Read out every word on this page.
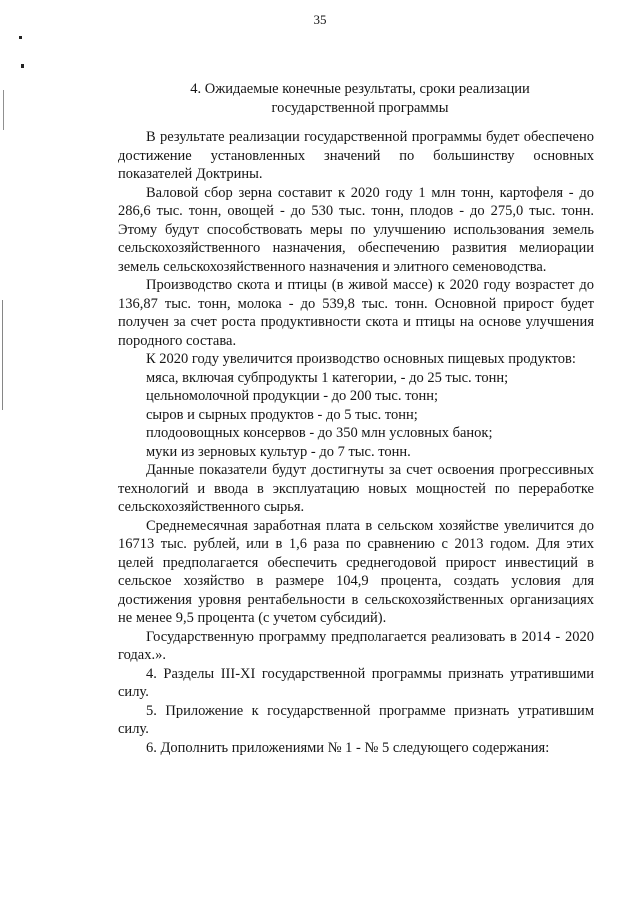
35
4. Ожидаемые конечные результаты, сроки реализации
государственной программы

В результате реализации государственной программы будет обеспечено достижение установленных значений по большинству основных показателей Доктрины.

Валовой сбор зерна составит к 2020 году 1 млн тонн, картофеля - до 286,6 тыс. тонн, овощей - до 530 тыс. тонн, плодов - до 275,0 тыс. тонн. Этому будут способствовать меры по улучшению использования земель сельскохозяйственного назначения, обеспечению развития мелиорации земель сельскохозяйственного назначения и элитного семеноводства.

Производство скота и птицы (в живой массе) к 2020 году возрастет до 136,87 тыс. тонн, молока - до 539,8 тыс. тонн. Основной прирост будет получен за счет роста продуктивности скота и птицы на основе улучшения породного состава.

К 2020 году увеличится производство основных пищевых продуктов:

мяса, включая субпродукты 1 категории, - до 25 тыс. тонн;

цельномолочной продукции - до 200 тыс. тонн;

сыров и сырных продуктов - до 5 тыс. тонн;

плодоовощных консервов - до 350 млн условных банок;

муки из зерновых культур - до 7 тыс. тонн.

Данные показатели будут достигнуты за счет освоения прогрессивных технологий и ввода в эксплуатацию новых мощностей по переработке сельскохозяйственного сырья.

Среднемесячная заработная плата в сельском хозяйстве увеличится до 16713 тыс. рублей, или в 1,6 раза по сравнению с 2013 годом. Для этих целей предполагается обеспечить среднегодовой прирост инвестиций в сельское хозяйство в размере 104,9 процента, создать условия для достижения уровня рентабельности в сельскохозяйственных организациях не менее 9,5 процента (с учетом субсидий).

Государственную программу предполагается реализовать в 2014 - 2020 годах.».

4. Разделы III-XI государственной программы признать утратившими силу.

5. Приложение к государственной программе признать утратившим силу.

6. Дополнить приложениями № 1 - № 5 следующего содержания:
